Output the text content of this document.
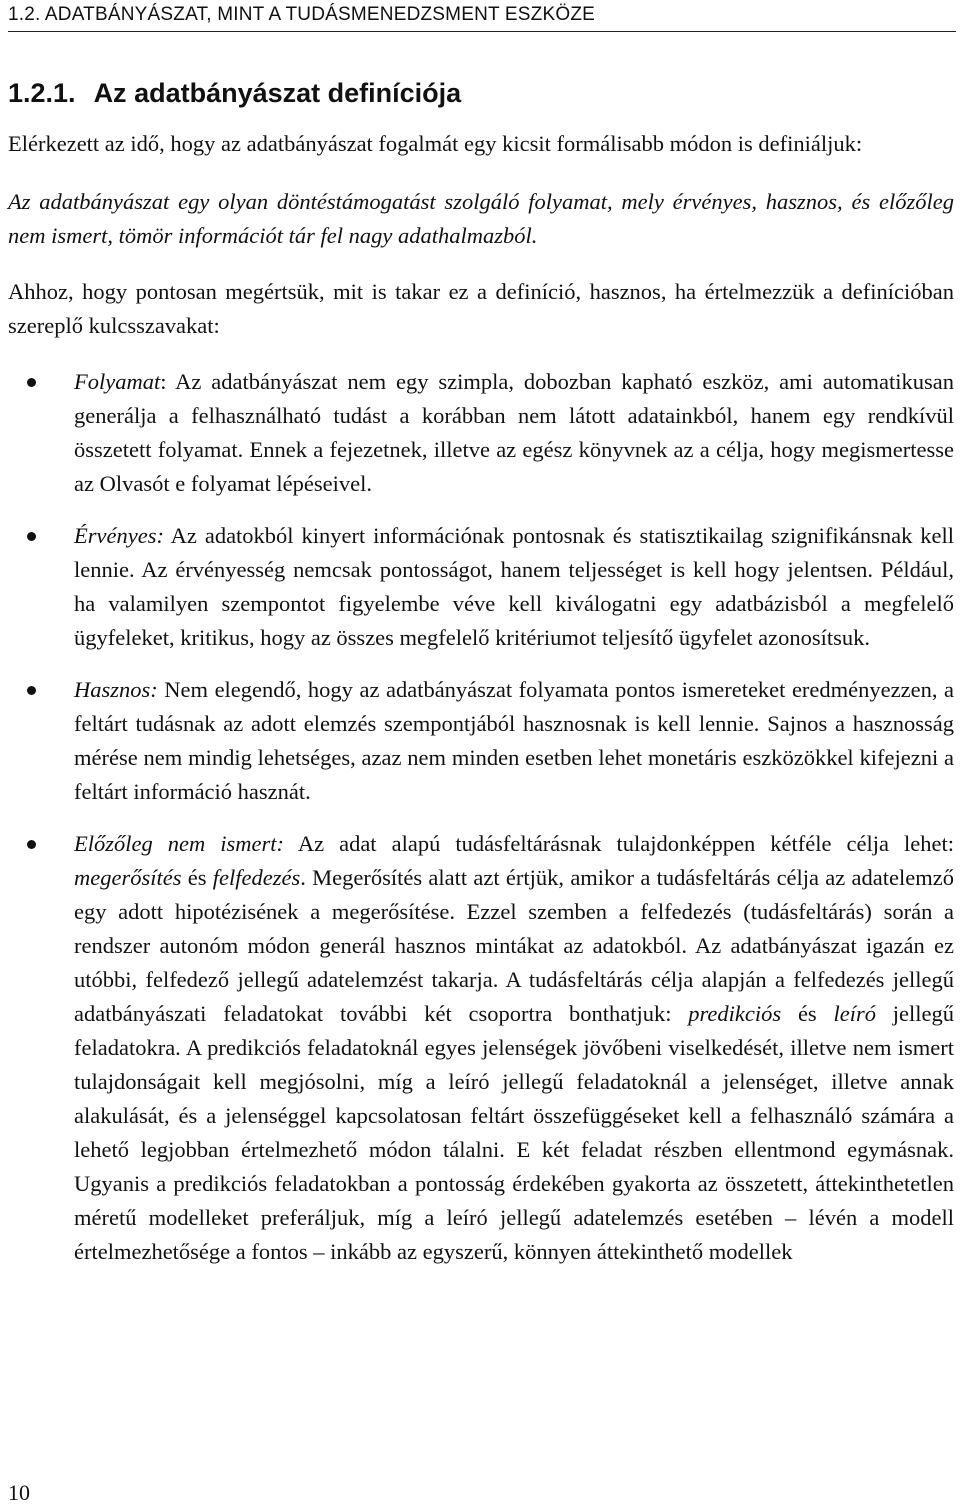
1.2. ADATBÁNYÁSZAT, MINT A TUDÁSMENEDZSMENT ESZKÖZE
1.2.1. Az adatbányászat definíciója

Elérkezett az idő, hogy az adatbányászat fogalmát egy kicsit formálisabb módon is definiáljuk:

Az adatbányászat egy olyan döntéstámogatást szolgáló folyamat, mely érvényes, hasznos, és előzőleg nem ismert, tömör információt tár fel nagy adathalmazból.

Ahhoz, hogy pontosan megértsük, mit is takar ez a definíció, hasznos, ha értelmezzük a definícióban szereplő kulcsszavakat:

Folyamat: Az adatbányászat nem egy szimpla, dobozban kapható eszköz, ami automatikusan generálja a felhasználható tudást a korábban nem látott adatainkból, hanem egy rendkívül összetett folyamat. Ennek a fejezetnek, illetve az egész könyvnek az a célja, hogy megismertesse az Olvasót e folyamat lépéseivel.
Érvényes: Az adatokból kinyert információnak pontosnak és statisztikailag szignifikánsnak kell lennie. Az érvényesség nemcsak pontosságot, hanem teljességet is kell hogy jelentsen. Például, ha valamilyen szempontot figyelembe véve kell kiválogatni egy adatbázisból a megfelelő ügyfeleket, kritikus, hogy az összes megfelelő kritériumot teljesítő ügyfelet azonosítsuk.
Hasznos: Nem elegendő, hogy az adatbányászat folyamata pontos ismereteket eredményezzen, a feltárt tudásnak az adott elemzés szempontjából hasznosnak is kell lennie. Sajnos a hasznosság mérése nem mindig lehetséges, azaz nem minden esetben lehet monetáris eszközökkel kifejezni a feltárt információ hasznát.
Előzőleg nem ismert: Az adat alapú tudásfeltárásnak tulajdonképpen kétféle célja lehet: megerősítés és felfedezés. Megerősítés alatt azt értjük, amikor a tudásfeltárás célja az adatelemző egy adott hipotézisének a megerősítése. Ezzel szemben a felfedezés (tudásfeltárás) során a rendszer autonóm módon generál hasznos mintákat az adatokból. Az adatbányászat igazán ez utóbbi, felfedező jellegű adatelemzést takarja. A tudásfeltárás célja alapján a felfedezés jellegű adatbányászati feladatokat további két csoportra bonthatjuk: predikciós és leíró jellegű feladatokra. A predikciós feladatoknál egyes jelenségek jövőbeni viselkedését, illetve nem ismert tulajdonságait kell megjósolni, míg a leíró jellegű feladatoknál a jelenséget, illetve annak alakulását, és a jelenséggel kapcsolatosan feltárt összefüggéseket kell a felhasználó számára a lehető legjobban értelmezhető módon tálalni. E két feladat részben ellentmond egymásnak. Ugyanis a predikciós feladatokban a pontosság érdekében gyakorta az összetett, áttekinthetetlen méretű modelleket preferáljuk, míg a leíró jellegű adatelemzés esetében – lévén a modell értelmezhetősége a fontos – inkább az egyszerű, könnyen áttekinthető modellek
10
